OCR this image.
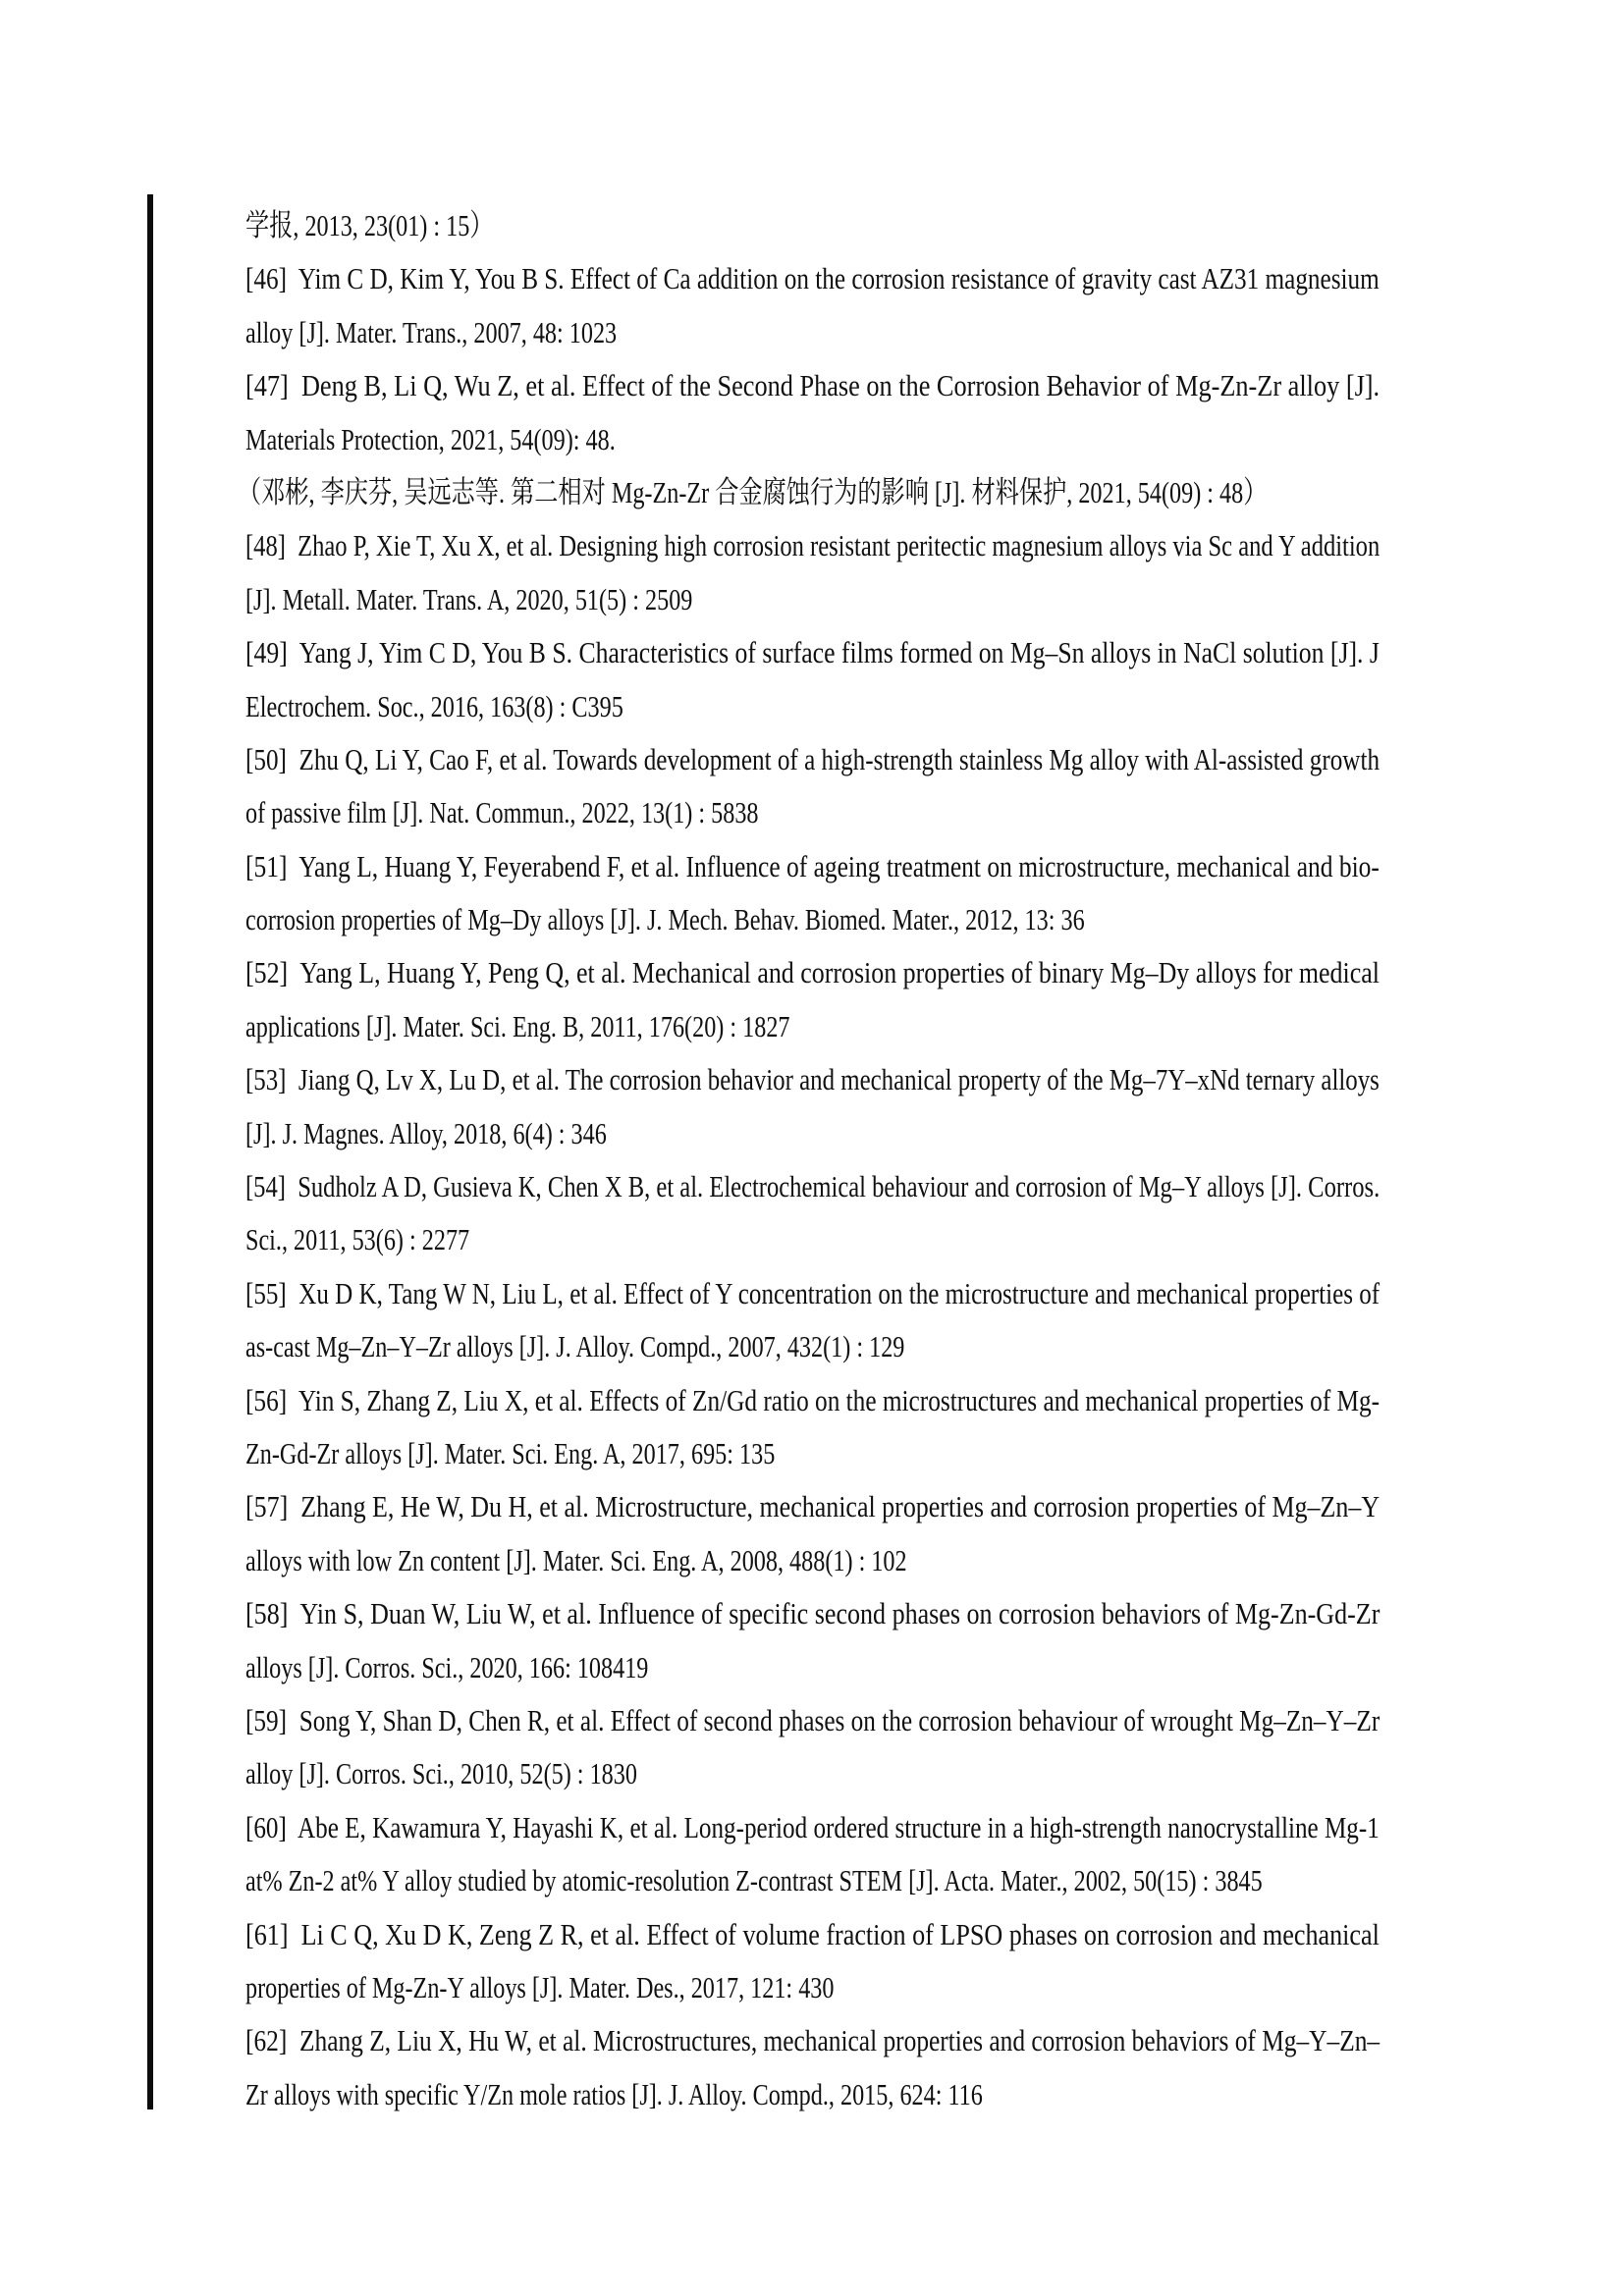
学报, 2013, 23(01) : 15）
[46]  Yim C D, Kim Y, You B S. Effect of Ca addition on the corrosion resistance of gravity cast AZ31 magnesium
alloy [J]. Mater. Trans., 2007, 48: 1023
[47]  Deng B, Li Q, Wu Z, et al. Effect of the Second Phase on the Corrosion Behavior of Mg-Zn-Zr alloy [J].
Materials Protection, 2021, 54(09): 48.
（邓彬, 李庆芬, 吴远志等. 第二相对 Mg-Zn-Zr 合金腐蚀行为的影响 [J]. 材料保护, 2021, 54(09) : 48）
[48]  Zhao P, Xie T, Xu X, et al. Designing high corrosion resistant peritectic magnesium alloys via Sc and Y addition
[J]. Metall. Mater. Trans. A, 2020, 51(5) : 2509
[49]  Yang J, Yim C D, You B S. Characteristics of surface films formed on Mg–Sn alloys in NaCl solution [J]. J
Electrochem. Soc., 2016, 163(8) : C395
[50]  Zhu Q, Li Y, Cao F, et al. Towards development of a high-strength stainless Mg alloy with Al-assisted growth
of passive film [J]. Nat. Commun., 2022, 13(1) : 5838
[51]  Yang L, Huang Y, Feyerabend F, et al. Influence of ageing treatment on microstructure, mechanical and bio-
corrosion properties of Mg–Dy alloys [J]. J. Mech. Behav. Biomed. Mater., 2012, 13: 36
[52]  Yang L, Huang Y, Peng Q, et al. Mechanical and corrosion properties of binary Mg–Dy alloys for medical
applications [J]. Mater. Sci. Eng. B, 2011, 176(20) : 1827
[53]  Jiang Q, Lv X, Lu D, et al. The corrosion behavior and mechanical property of the Mg–7Y–xNd ternary alloys
[J]. J. Magnes. Alloy, 2018, 6(4) : 346
[54]  Sudholz A D, Gusieva K, Chen X B, et al. Electrochemical behaviour and corrosion of Mg–Y alloys [J]. Corros.
Sci., 2011, 53(6) : 2277
[55]  Xu D K, Tang W N, Liu L, et al. Effect of Y concentration on the microstructure and mechanical properties of
as-cast Mg–Zn–Y–Zr alloys [J]. J. Alloy. Compd., 2007, 432(1) : 129
[56]  Yin S, Zhang Z, Liu X, et al. Effects of Zn/Gd ratio on the microstructures and mechanical properties of Mg-
Zn-Gd-Zr alloys [J]. Mater. Sci. Eng. A, 2017, 695: 135
[57]  Zhang E, He W, Du H, et al. Microstructure, mechanical properties and corrosion properties of Mg–Zn–Y
alloys with low Zn content [J]. Mater. Sci. Eng. A, 2008, 488(1) : 102
[58]  Yin S, Duan W, Liu W, et al. Influence of specific second phases on corrosion behaviors of Mg-Zn-Gd-Zr
alloys [J]. Corros. Sci., 2020, 166: 108419
[59]  Song Y, Shan D, Chen R, et al. Effect of second phases on the corrosion behaviour of wrought Mg–Zn–Y–Zr
alloy [J]. Corros. Sci., 2010, 52(5) : 1830
[60]  Abe E, Kawamura Y, Hayashi K, et al. Long-period ordered structure in a high-strength nanocrystalline Mg-1
at% Zn-2 at% Y alloy studied by atomic-resolution Z-contrast STEM [J]. Acta. Mater., 2002, 50(15) : 3845
[61]  Li C Q, Xu D K, Zeng Z R, et al. Effect of volume fraction of LPSO phases on corrosion and mechanical
properties of Mg-Zn-Y alloys [J]. Mater. Des., 2017, 121: 430
[62]  Zhang Z, Liu X, Hu W, et al. Microstructures, mechanical properties and corrosion behaviors of Mg–Y–Zn–
Zr alloys with specific Y/Zn mole ratios [J]. J. Alloy. Compd., 2015, 624: 116
